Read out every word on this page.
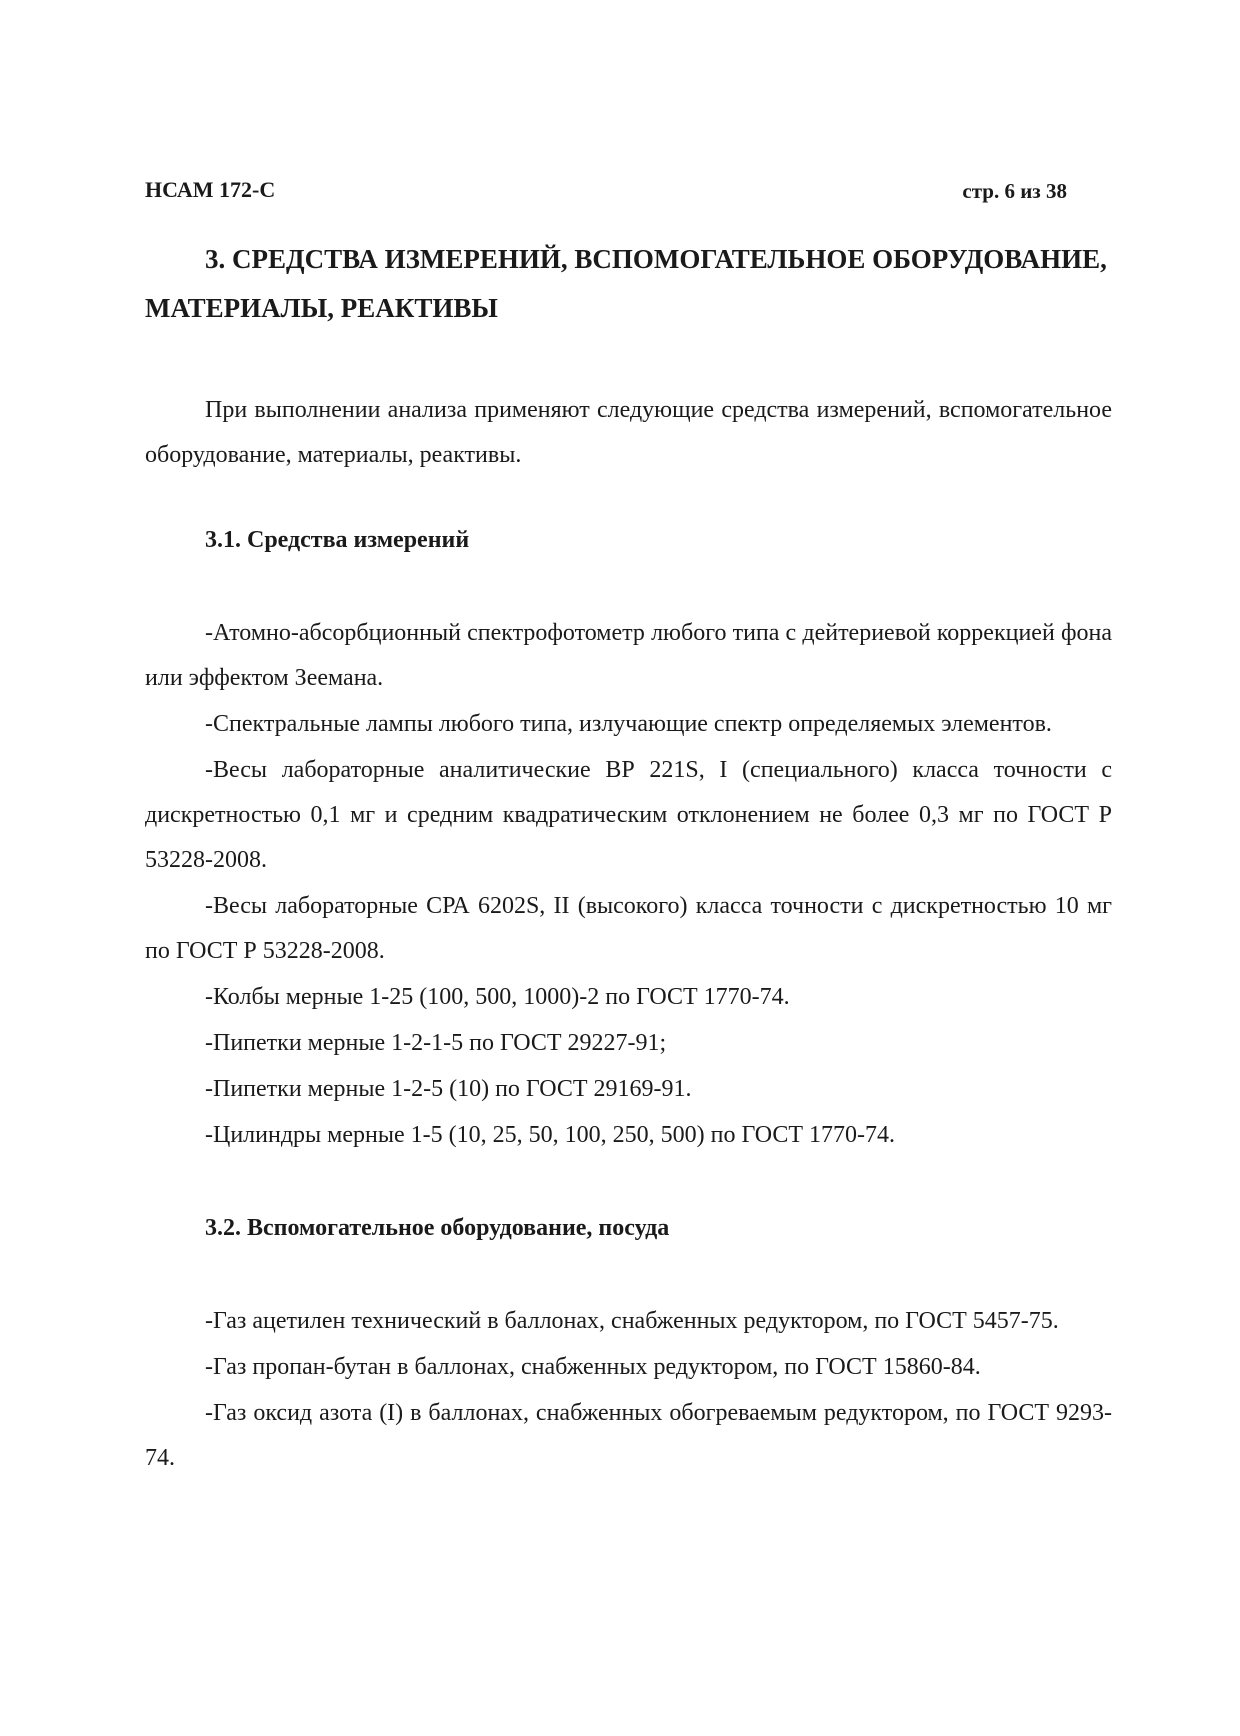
НСАМ 172-С	стр. 6 из 38
3. СРЕДСТВА ИЗМЕРЕНИЙ, ВСПОМОГАТЕЛЬНОЕ ОБОРУДОВАНИЕ, МАТЕРИАЛЫ, РЕАКТИВЫ

При выполнении анализа применяют следующие средства измерений, вспомогательное оборудование, материалы, реактивы.

3.1. Средства измерений

-Атомно-абсорбционный спектрофотометр любого типа с дейтериевой коррекцией фона или эффектом Зеемана.

-Спектральные лампы любого типа, излучающие спектр определяемых элементов.

-Весы лабораторные аналитические ВР 221S, I (специального) класса точности с дискретностью 0,1 мг и средним квадратическим отклонением не более 0,3 мг по ГОСТ Р 53228-2008.

-Весы лабораторные СРА 6202S, II (высокого) класса точности с дискретностью 10 мг по ГОСТ Р 53228-2008.

-Колбы мерные 1-25 (100, 500, 1000)-2 по ГОСТ 1770-74.

-Пипетки мерные 1-2-1-5 по ГОСТ 29227-91;

-Пипетки мерные 1-2-5 (10) по ГОСТ 29169-91.

-Цилиндры мерные 1-5 (10, 25, 50, 100, 250, 500) по ГОСТ 1770-74.

3.2. Вспомогательное оборудование, посуда

-Газ ацетилен технический в баллонах, снабженных редуктором, по ГОСТ 5457-75.

-Газ пропан-бутан в баллонах, снабженных редуктором, по ГОСТ 15860-84.

-Газ оксид азота (I) в баллонах, снабженных обогреваемым редуктором, по ГОСТ 9293-74.
